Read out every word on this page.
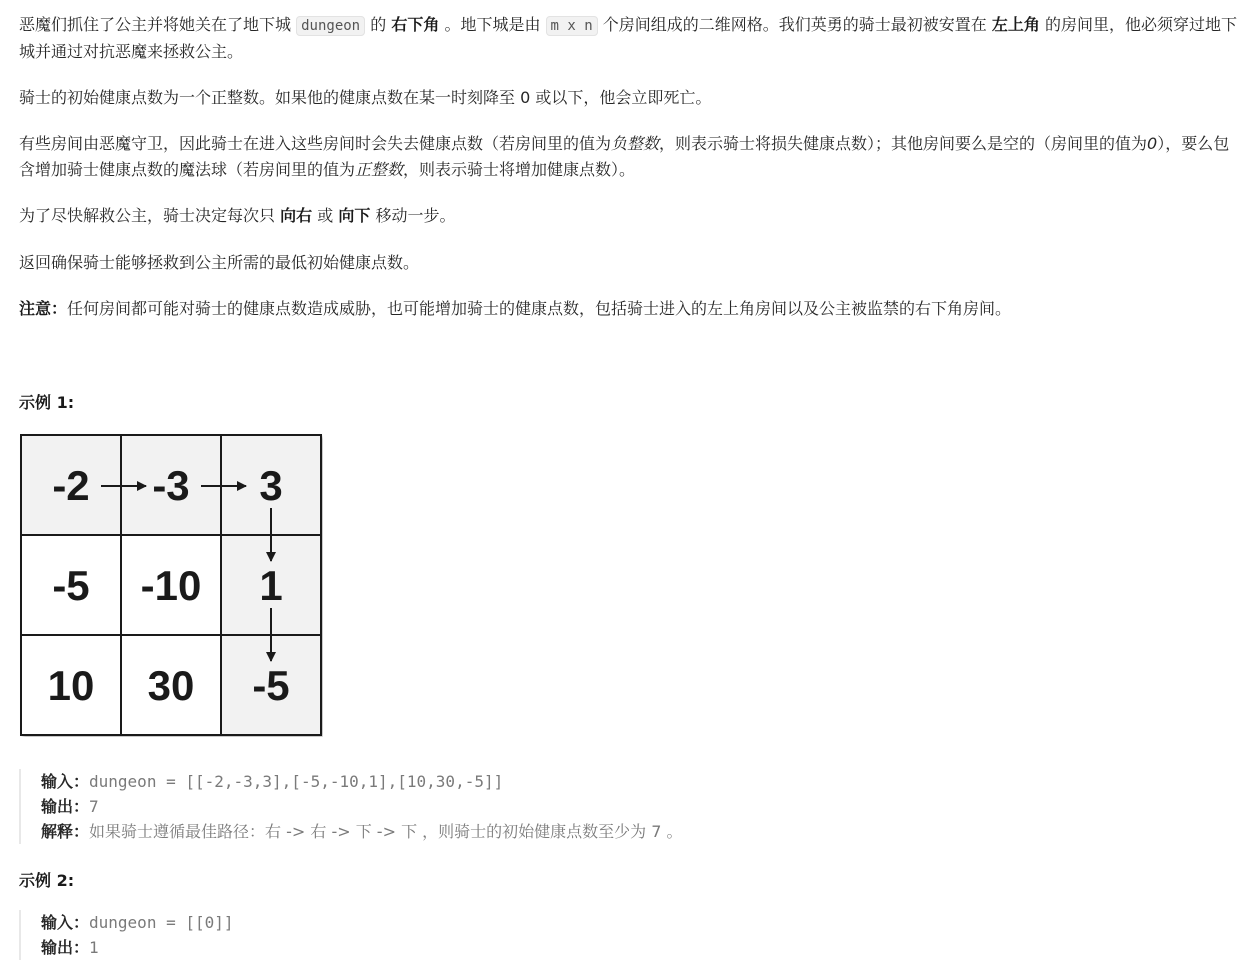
恶魔们抓住了公主并将她关在了地下城 dungeon 的 右下角 。地下城是由 m x n 个房间组成的二维网格。我们英勇的骑士最初被安置在 左上角 的房间里，他必须穿过地下城并通过对抗恶魔来拯救公主。

骑士的初始健康点数为一个正整数。如果他的健康点数在某一时刻降至 0 或以下，他会立即死亡。

有些房间由恶魔守卫，因此骑士在进入这些房间时会失去健康点数（若房间里的值为负整数，则表示骑士将损失健康点数）；其他房间要么是空的（房间里的值为0），要么包含增加骑士健康点数的魔法球（若房间里的值为正整数，则表示骑士将增加健康点数）。

为了尽快解救公主，骑士决定每次只 向右 或 向下 移动一步。

返回确保骑士能够拯救到公主所需的最低初始健康点数。

注意：任何房间都可能对骑士的健康点数造成威胁，也可能增加骑士的健康点数，包括骑士进入的左上角房间以及公主被监禁的右下角房间。

示例 1:

-2 -3 3
-5 -10 1
10 30 -5
输入：dungeon = [[-2,-3,3],[-5,-10,1],[10,30,-5]]
输出：7
解释：如果骑士遵循最佳路径：右 -> 右 -> 下 -> 下 ，则骑士的初始健康点数至少为 7 。

示例 2:

输入：dungeon = [[0]]
输出：1
